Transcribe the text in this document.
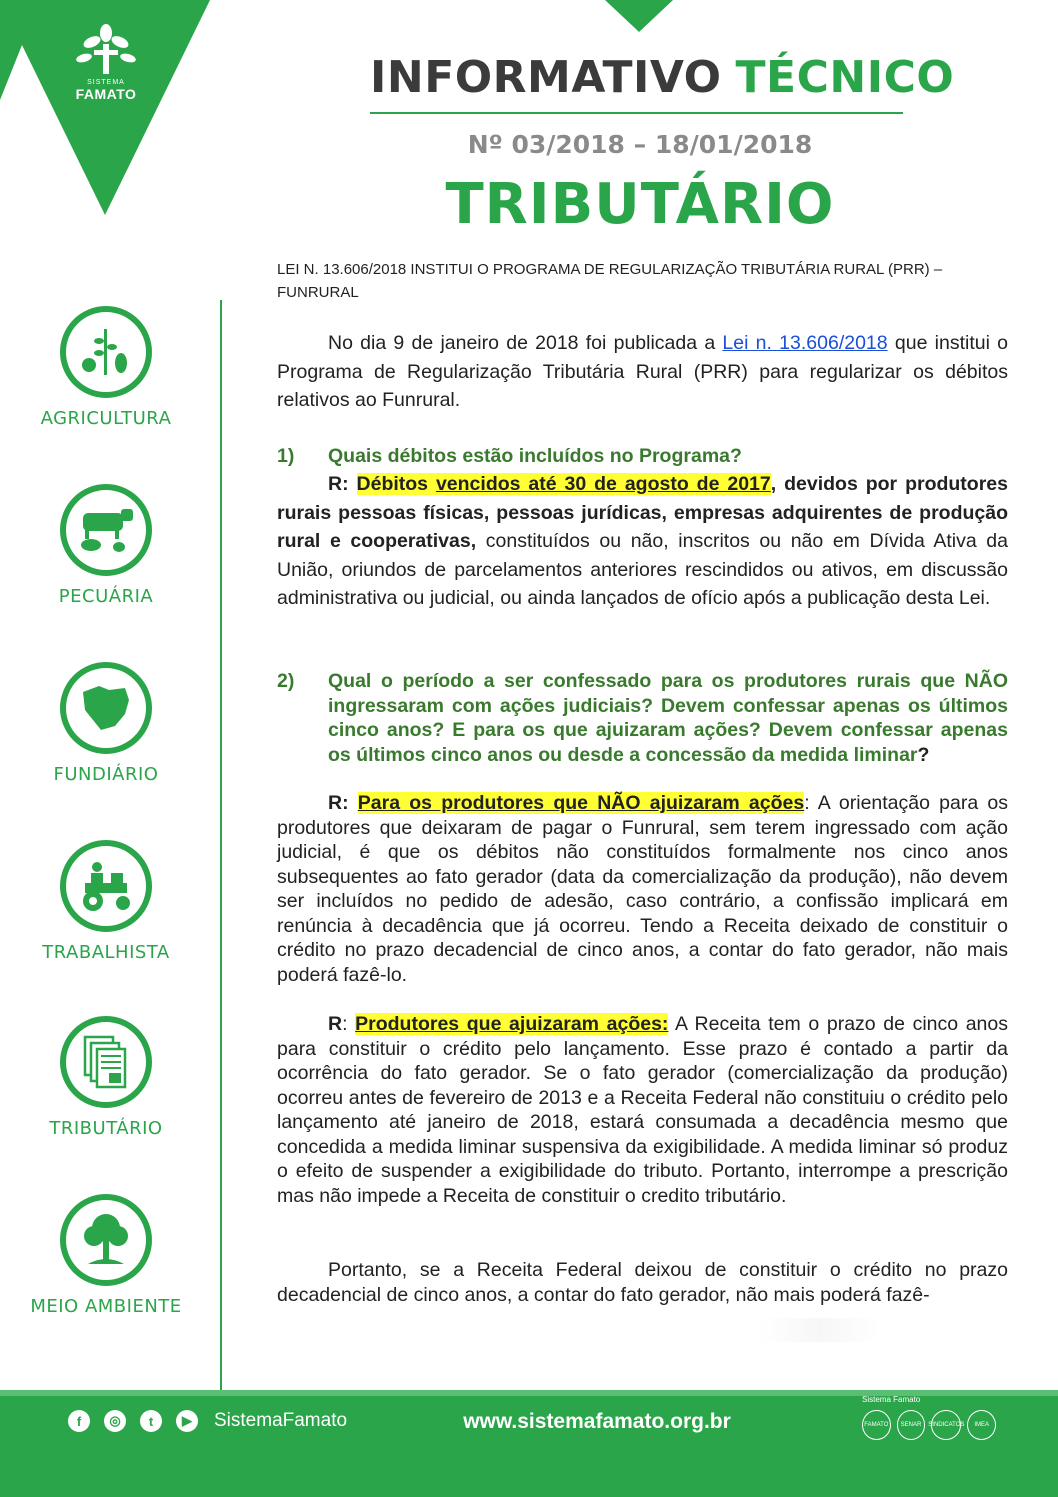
SISTEMA
FAMATO	INFORMATIVO TÉCNICO
Nº 03/2018 – 18/01/2018
TRIBUTÁRIO
AGRICULTURA
PECUÁRIA
FUNDIÁRIO
TRABALHISTA
TRIBUTÁRIO
MEIO AMBIENTE
LEI N. 13.606/2018 INSTITUI O PROGRAMA DE REGULARIZAÇÃO TRIBUTÁRIA RURAL (PRR) – FUNRURAL
No dia 9 de janeiro de 2018 foi publicada a Lei n. 13.606/2018 que institui o Programa de Regularização Tributária Rural (PRR) para regularizar os débitos relativos ao Funrural.
1) Quais débitos estão incluídos no Programa?
R: Débitos vencidos até 30 de agosto de 2017, devidos por produtores rurais pessoas físicas, pessoas jurídicas, empresas adquirentes de produção rural e cooperativas, constituídos ou não, inscritos ou não em Dívida Ativa da União, oriundos de parcelamentos anteriores rescindidos ou ativos, em discussão administrativa ou judicial, ou ainda lançados de ofício após a publicação desta Lei.
2) Qual o período a ser confessado para os produtores rurais que NÃO ingressaram com ações judiciais? Devem confessar apenas os últimos cinco anos? E para os que ajuizaram ações? Devem confessar apenas os últimos cinco anos ou desde a concessão da medida liminar?
R: Para os produtores que NÃO ajuizaram ações: A orientação para os produtores que deixaram de pagar o Funrural, sem terem ingressado com ação judicial, é que os débitos não constituídos formalmente nos cinco anos subsequentes ao fato gerador (data da comercialização da produção), não devem ser incluídos no pedido de adesão, caso contrário, a confissão implicará em renúncia à decadência que já ocorreu. Tendo a Receita deixado de constituir o crédito no prazo decadencial de cinco anos, a contar do fato gerador, não mais poderá fazê-lo.
R: Produtores que ajuizaram ações: A Receita tem o prazo de cinco anos para constituir o crédito pelo lançamento. Esse prazo é contado a partir da ocorrência do fato gerador. Se o fato gerador (comercialização da produção) ocorreu antes de fevereiro de 2013 e a Receita Federal não constituiu o crédito pelo lançamento até janeiro de 2018, estará consumada a decadência mesmo que concedida a medida liminar suspensiva da exigibilidade. A medida liminar só produz o efeito de suspender a exigibilidade do tributo. Portanto, interrompe a prescrição mas não impede a Receita de constituir o credito tributário.
Portanto, se a Receita Federal deixou de constituir o crédito no prazo decadencial de cinco anos, a contar do fato gerador, não mais poderá fazê-
f	◎	t	▶	SistemaFamato	www.sistemafamato.org.br
Sistema Famato
FAMATO	SENAR	SINDICATOS	IMEA
